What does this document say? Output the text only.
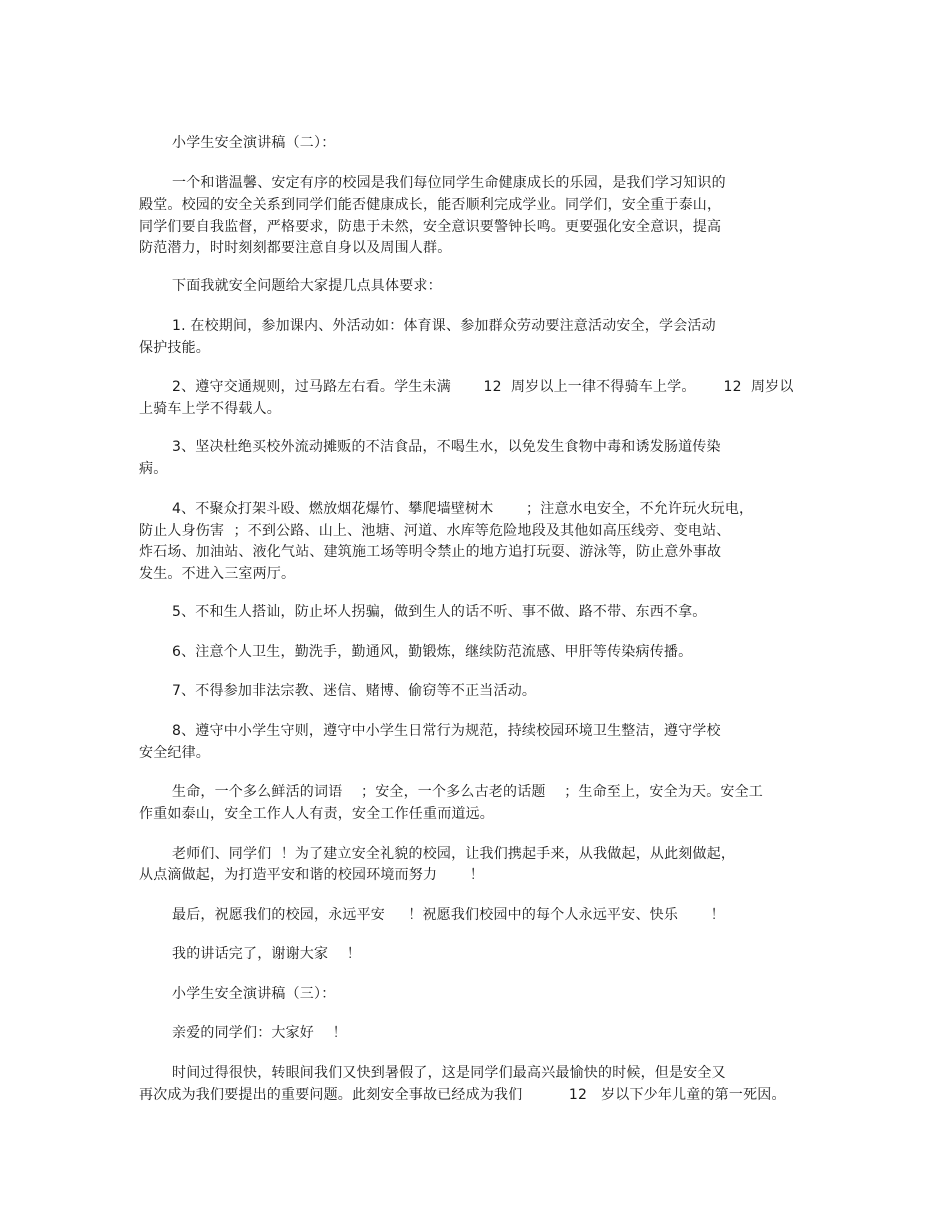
小学生安全演讲稿（二）：
一个和谐温馨、安定有序的校园是我们每位同学生命健康成长的乐园，是我们学习知识的
殿堂。校园的安全关系到同学们能否健康成长，能否顺利完成学业。同学们，安全重于泰山，
同学们要自我监督，严格要求，防患于未然，安全意识要警钟长鸣。更要强化安全意识，提高
防范潜力，时时刻刻都要注意自身以及周围人群。
下面我就安全问题给大家提几点具体要求：
1. 在校期间，参加课内、外活动如：体育课、参加群众劳动要注意活动安全，学会活动
保护技能。
2、遵守交通规则，过马路左右看。学生未满       12  周岁以上一律不得骑车上学。      12  周岁以
上骑车上学不得载人。
3、坚决杜绝买校外流动摊贩的不洁食品，不喝生水，以免发生食物中毒和诱发肠道传染
病。
4、不聚众打架斗殴、燃放烟花爆竹、攀爬墙壁树木       ；注意水电安全，不允许玩火玩电，
防止人身伤害  ；不到公路、山上、池塘、河道、水库等危险地段及其他如高压线旁、变电站、
炸石场、加油站、液化气站、建筑施工场等明令禁止的地方追打玩耍、游泳等，防止意外事故
发生。不进入三室两厅。
5、不和生人搭讪，防止坏人拐骗，做到生人的话不听、事不做、路不带、东西不拿。
6、注意个人卫生，勤洗手，勤通风，勤锻炼，继续防范流感、甲肝等传染病传播。
7、不得参加非法宗教、迷信、赌博、偷窃等不正当活动。
8、遵守中小学生守则，遵守中小学生日常行为规范，持续校园环境卫生整洁，遵守学校
安全纪律。
生命，一个多么鲜活的词语    ；安全，一个多么古老的话题    ；生命至上，安全为天。安全工
作重如泰山，安全工作人人有责，安全工作任重而道远。
老师们、同学们  ！为了建立安全礼貌的校园，让我们携起手来，从我做起，从此刻做起，
从点滴做起，为打造平安和谐的校园环境而努力       ！
最后，祝愿我们的校园，永远平安     ！祝愿我们校园中的每个人永远平安、快乐       ！
我的讲话完了，谢谢大家    ！
小学生安全演讲稿（三）：
亲爱的同学们：大家好    ！
时间过得很快，转眼间我们又快到暑假了，这是同学们最高兴最愉快的时候，但是安全又
再次成为我们要提出的重要问题。此刻安全事故已经成为我们          12   岁以下少年儿童的第一死因。
